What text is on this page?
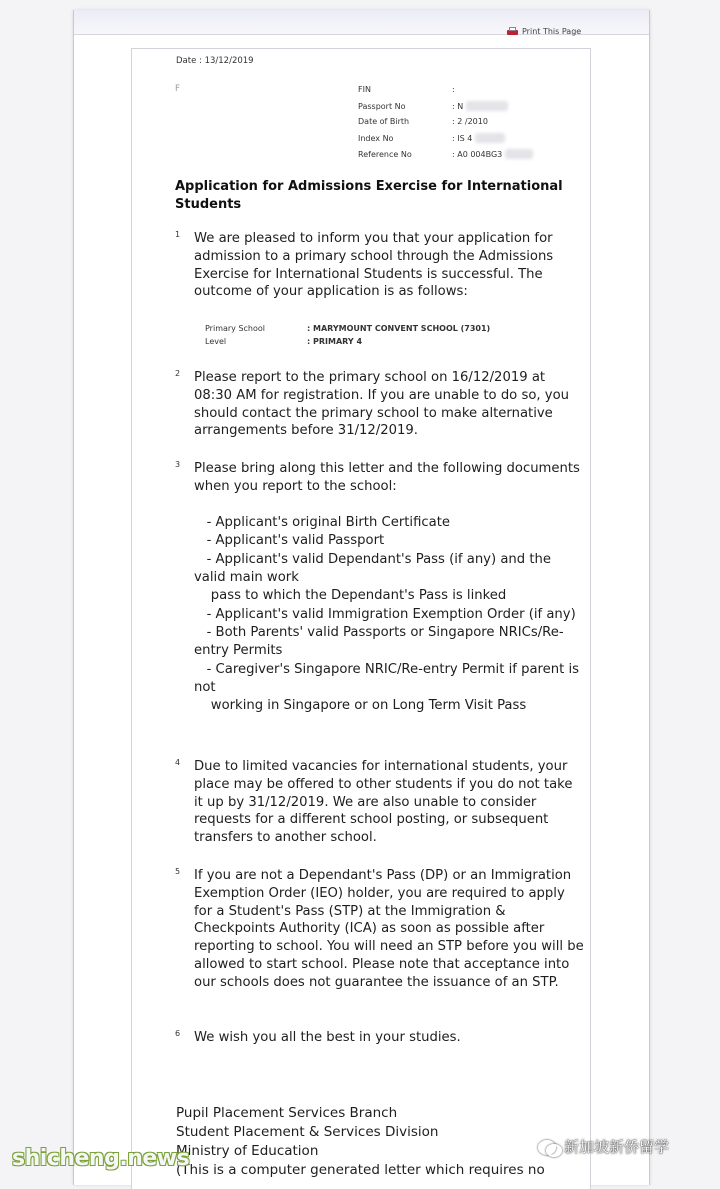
Print This Page
Date : 13/12/2019
F	FIN	:
Passport No	: N
Date of Birth	: 2 /2010
Index No	: IS 4
Reference No	: A0 004BG3
Application for Admissions Exercise for International Students
1 We are pleased to inform you that your application for admission to a primary school through the Admissions Exercise for International Students is successful. The outcome of your application is as follows:

Primary School	: MARYMOUNT CONVENT SCHOOL (7301)
Level	: PRIMARY 4
2 Please report to the primary school on 16/12/2019 at 08:30 AM for registration. If you are unable to do so, you should contact the primary school to make alternative arrangements before 31/12/2019.

3 Please bring along this letter and the following documents when you report to the school:

- Applicant's original Birth Certificate

- Applicant's valid Passport

- Applicant's valid Dependant's Pass (if any) and the valid main work
pass to which the Dependant's Pass is linked

- Applicant's valid Immigration Exemption Order (if any)

- Both Parents' valid Passports or Singapore NRICs/Re-entry Permits

- Caregiver's Singapore NRIC/Re-entry Permit if parent is not
working in Singapore or on Long Term Visit Pass

4 Due to limited vacancies for international students, your place may be offered to other students if you do not take it up by 31/12/2019. We are also unable to consider requests for a different school posting, or subsequent transfers to another school.

5 If you are not a Dependant's Pass (DP) or an Immigration Exemption Order (IEO) holder, you are required to apply for a Student's Pass (STP) at the Immigration & Checkpoints Authority (ICA) as soon as possible after reporting to school. You will need an STP before you will be allowed to start school. Please note that acceptance into our schools does not guarantee the issuance of an STP.

6 We wish you all the best in your studies.

Pupil Placement Services Branch
Student Placement & Services Division
Ministry of Education
(This is a computer generated letter which requires no
shicheng.news	新加坡新侨留学
